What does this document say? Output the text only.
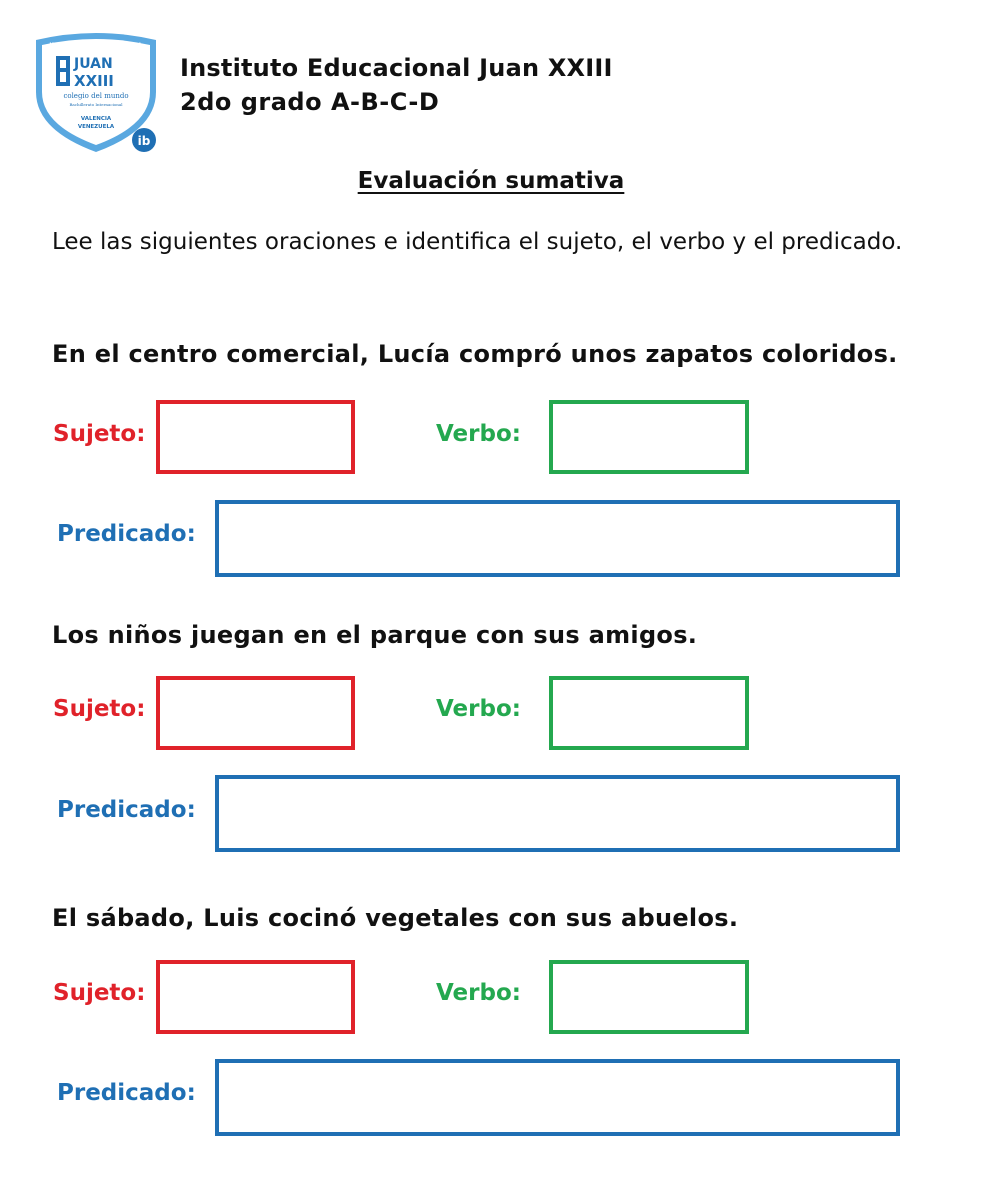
INSTITUTO EDUCACIONAL
JUAN
XXIII
colegio del mundo
Bachillerato Internacional
VALENCIA
VENEZUELA
ib
Instituto Educacional Juan XXIII
2do grado A-B-C-D
Evaluación sumativa
Lee las siguientes oraciones e identifica el sujeto, el verbo y el predicado.
En el centro comercial, Lucía compró unos zapatos coloridos.
Sujeto:	Verbo:
Predicado:
Los niños juegan en el parque con sus amigos.
Sujeto:	Verbo:
Predicado:
El sábado, Luis cocinó vegetales con sus abuelos.
Sujeto:	Verbo:
Predicado:
